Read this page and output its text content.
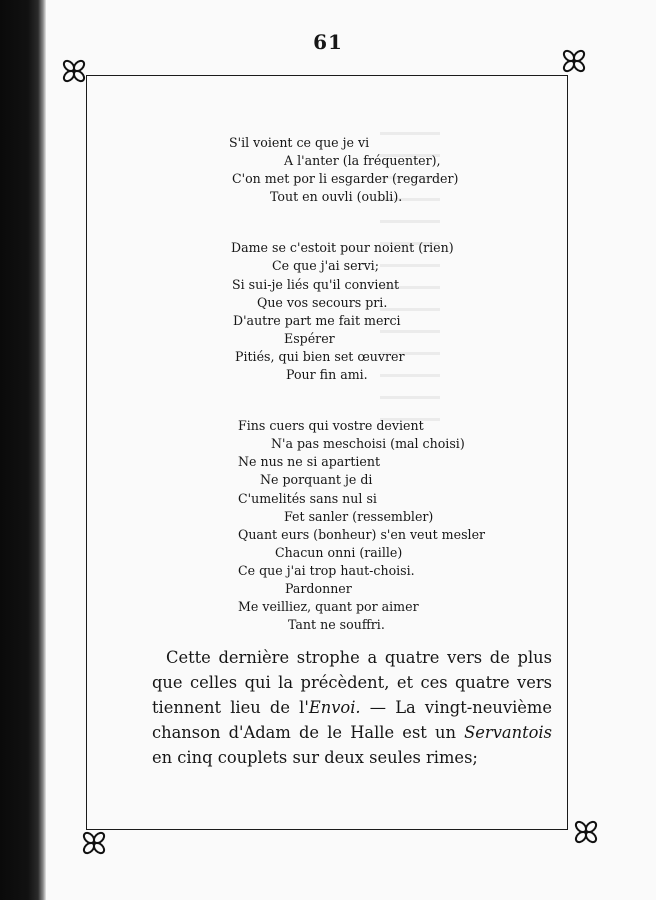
61
S'il voient ce que je vi
A l'anter (la fréquenter),
C'on met por li esgarder (regarder)
Tout en ouvli (oubli).
Dame se c'estoit pour noient (rien)
Ce que j'ai servi;
Si sui-je liés qu'il convient
Que vos secours pri.
D'autre part me fait merci
Espérer
Pitiés, qui bien set œuvrer
Pour fin ami.
Fins cuers qui vostre devient
N'a pas meschoisi (mal choisi)
Ne nus ne si apartient
Ne porquant je di
C'umelités sans nul si
Fet sanler (ressembler)
Quant eurs (bonheur) s'en veut mesler
Chacun onni (raille)
Ce que j'ai trop haut-choisi.
Pardonner
Me veilliez, quant por aimer
Tant ne souffri.

Cette dernière strophe a quatre vers de plus que celles qui la précèdent, et ces quatre vers tiennent lieu de l'Envoi. — La vingt-neuvième chanson d'Adam de le Halle est un Servantois en cinq couplets sur deux seules rimes;
